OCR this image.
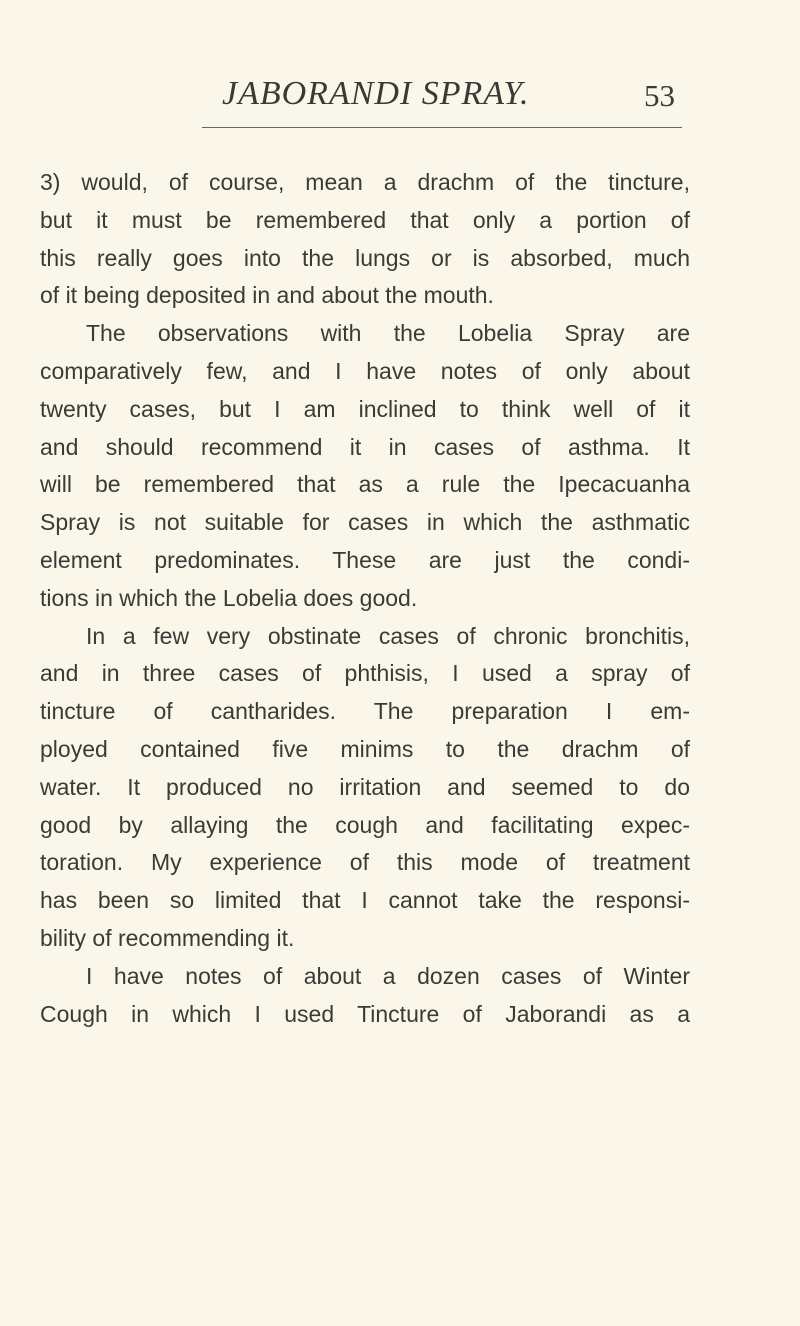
JABORANDI SPRAY.	53
3) would, of course, mean a drachm of the tincture,
but it must be remembered that only a portion of
this really goes into the lungs or is absorbed, much
of it being deposited in and about the mouth.
The observations with the Lobelia Spray are
comparatively few, and I have notes of only about
twenty cases, but I am inclined to think well of it
and should recommend it in cases of asthma. It
will be remembered that as a rule the Ipecacuanha
Spray is not suitable for cases in which the asthmatic
element predominates. These are just the condi-
tions in which the Lobelia does good.
In a few very obstinate cases of chronic bronchitis,
and in three cases of phthisis, I used a spray of
tincture of cantharides. The preparation I em-
ployed contained five minims to the drachm of
water. It produced no irritation and seemed to do
good by allaying the cough and facilitating expec-
toration. My experience of this mode of treatment
has been so limited that I cannot take the responsi-
bility of recommending it.
I have notes of about a dozen cases of Winter
Cough in which I used Tincture of Jaborandi as a
